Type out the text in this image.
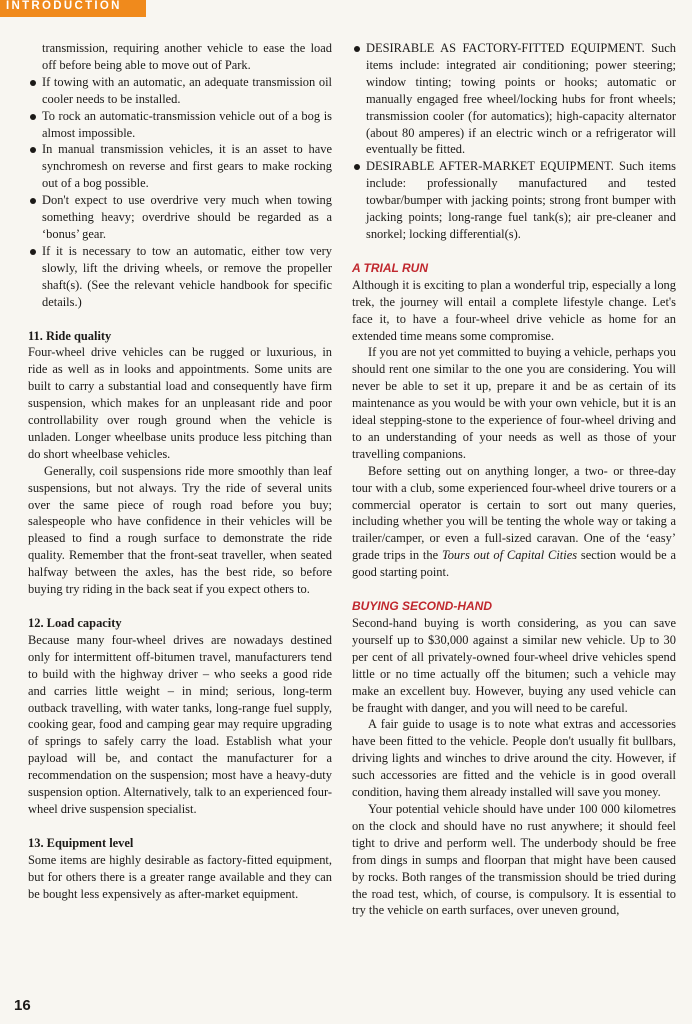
INTRODUCTION

transmission, requiring another vehicle to ease the load off before being able to move out of Park.

If towing with an automatic, an adequate transmission oil cooler needs to be installed.
To rock an automatic-transmission vehicle out of a bog is almost impossible.
In manual transmission vehicles, it is an asset to have synchromesh on reverse and first gears to make rocking out of a bog possible.
Don't expect to use overdrive very much when towing something heavy; overdrive should be regarded as a ‘bonus’ gear.
If it is necessary to tow an automatic, either tow very slowly, lift the driving wheels, or remove the propeller shaft(s). (See the relevant vehicle handbook for specific details.)

11. Ride quality

Four-wheel drive vehicles can be rugged or luxurious, in ride as well as in looks and appointments. Some units are built to carry a substantial load and consequently have firm suspension, which makes for an unpleasant ride and poor controllability over rough ground when the vehicle is unladen. Longer wheelbase units produce less pitching than do short wheelbase vehicles.

Generally, coil suspensions ride more smoothly than leaf suspensions, but not always. Try the ride of several units over the same piece of rough road before you buy; salespeople who have confidence in their vehicles will be pleased to find a rough surface to demonstrate the ride quality. Remember that the front-seat traveller, when seated halfway between the axles, has the best ride, so before buying try riding in the back seat if you expect others to.

12. Load capacity

Because many four-wheel drives are nowadays destined only for intermittent off-bitumen travel, manufacturers tend to build with the highway driver – who seeks a good ride and carries little weight – in mind; serious, long-term outback travelling, with water tanks, long-range fuel supply, cooking gear, food and camping gear may require upgrading of springs to safely carry the load. Establish what your payload will be, and contact the manufacturer for a recommendation on the suspension; most have a heavy-duty suspension option. Alternatively, talk to an experienced four-wheel drive suspension specialist.

13. Equipment level

Some items are highly desirable as factory-fitted equipment, but for others there is a greater range available and they can be bought less expensively as after-market equipment.

DESIRABLE AS FACTORY-FITTED EQUIPMENT. Such items include: integrated air conditioning; power steering; window tinting; towing points or hooks; automatic or manually engaged free wheel/locking hubs for front wheels; transmission cooler (for automatics); high-capacity alternator (about 80 amperes) if an electric winch or a refrigerator will eventually be fitted.
DESIRABLE AFTER-MARKET EQUIPMENT. Such items include: professionally manufactured and tested towbar/bumper with jacking points; strong front bumper with jacking points; long-range fuel tank(s); air pre-cleaner and snorkel; locking differential(s).

A TRIAL RUN

Although it is exciting to plan a wonderful trip, especially a long trek, the journey will entail a complete lifestyle change. Let's face it, to have a four-wheel drive vehicle as home for an extended time means some compromise.

If you are not yet committed to buying a vehicle, perhaps you should rent one similar to the one you are considering. You will never be able to set it up, prepare it and be as certain of its maintenance as you would be with your own vehicle, but it is an ideal stepping-stone to the experience of four-wheel driving and to an understanding of your needs as well as those of your travelling companions.

Before setting out on anything longer, a two- or three-day tour with a club, some experienced four-wheel drive tourers or a commercial operator is certain to sort out many queries, including whether you will be tenting the whole way or taking a trailer/camper, or even a full-sized caravan. One of the ‘easy’ grade trips in the Tours out of Capital Cities section would be a good starting point.

BUYING SECOND-HAND

Second-hand buying is worth considering, as you can save yourself up to $30,000 against a similar new vehicle. Up to 30 per cent of all privately-owned four-wheel drive vehicles spend little or no time actually off the bitumen; such a vehicle may make an excellent buy. However, buying any used vehicle can be fraught with danger, and you will need to be careful.

A fair guide to usage is to note what extras and accessories have been fitted to the vehicle. People don't usually fit bullbars, driving lights and winches to drive around the city. However, if such accessories are fitted and the vehicle is in good overall condition, having them already installed will save you money.

Your potential vehicle should have under 100 000 kilometres on the clock and should have no rust anywhere; it should feel tight to drive and perform well. The underbody should be free from dings in sumps and floorpan that might have been caused by rocks. Both ranges of the transmission should be tried during the road test, which, of course, is compulsory. It is essential to try the vehicle on earth surfaces, over uneven ground,

16
